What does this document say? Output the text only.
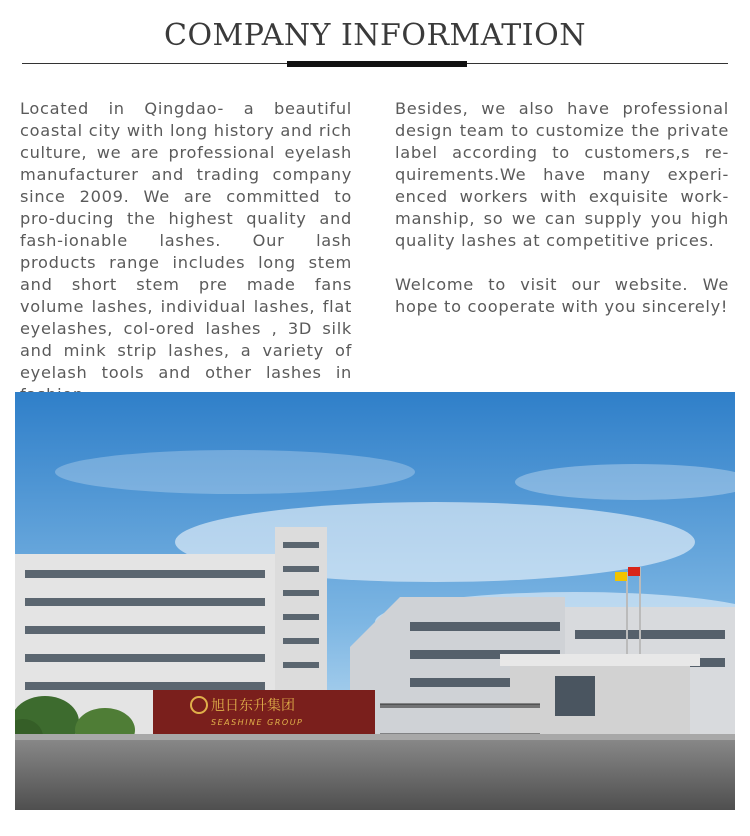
COMPANY INFORMATION

Located in Qingdao- a beautiful coastal city with long history and rich culture, we are professional eyelash manufacturer and trading company since 2009. We are committed to pro-ducing the highest quality and fash-ionable lashes. Our lash products range includes long stem and short stem pre made fans volume lashes, individual lashes, flat eyelashes, col-ored lashes , 3D silk and mink strip lashes, a variety of eyelash tools and other lashes in

Besides, we also have professional design team to customize the private label according to customers,s re-quirements.We have many experi-enced workers with exquisite work-manship, so we can supply you high quality lashes at competitive prices.

Welcome to visit our website. We hope to cooperate with you sincerely!

旭日东升集团
SEASHINE GROUP
